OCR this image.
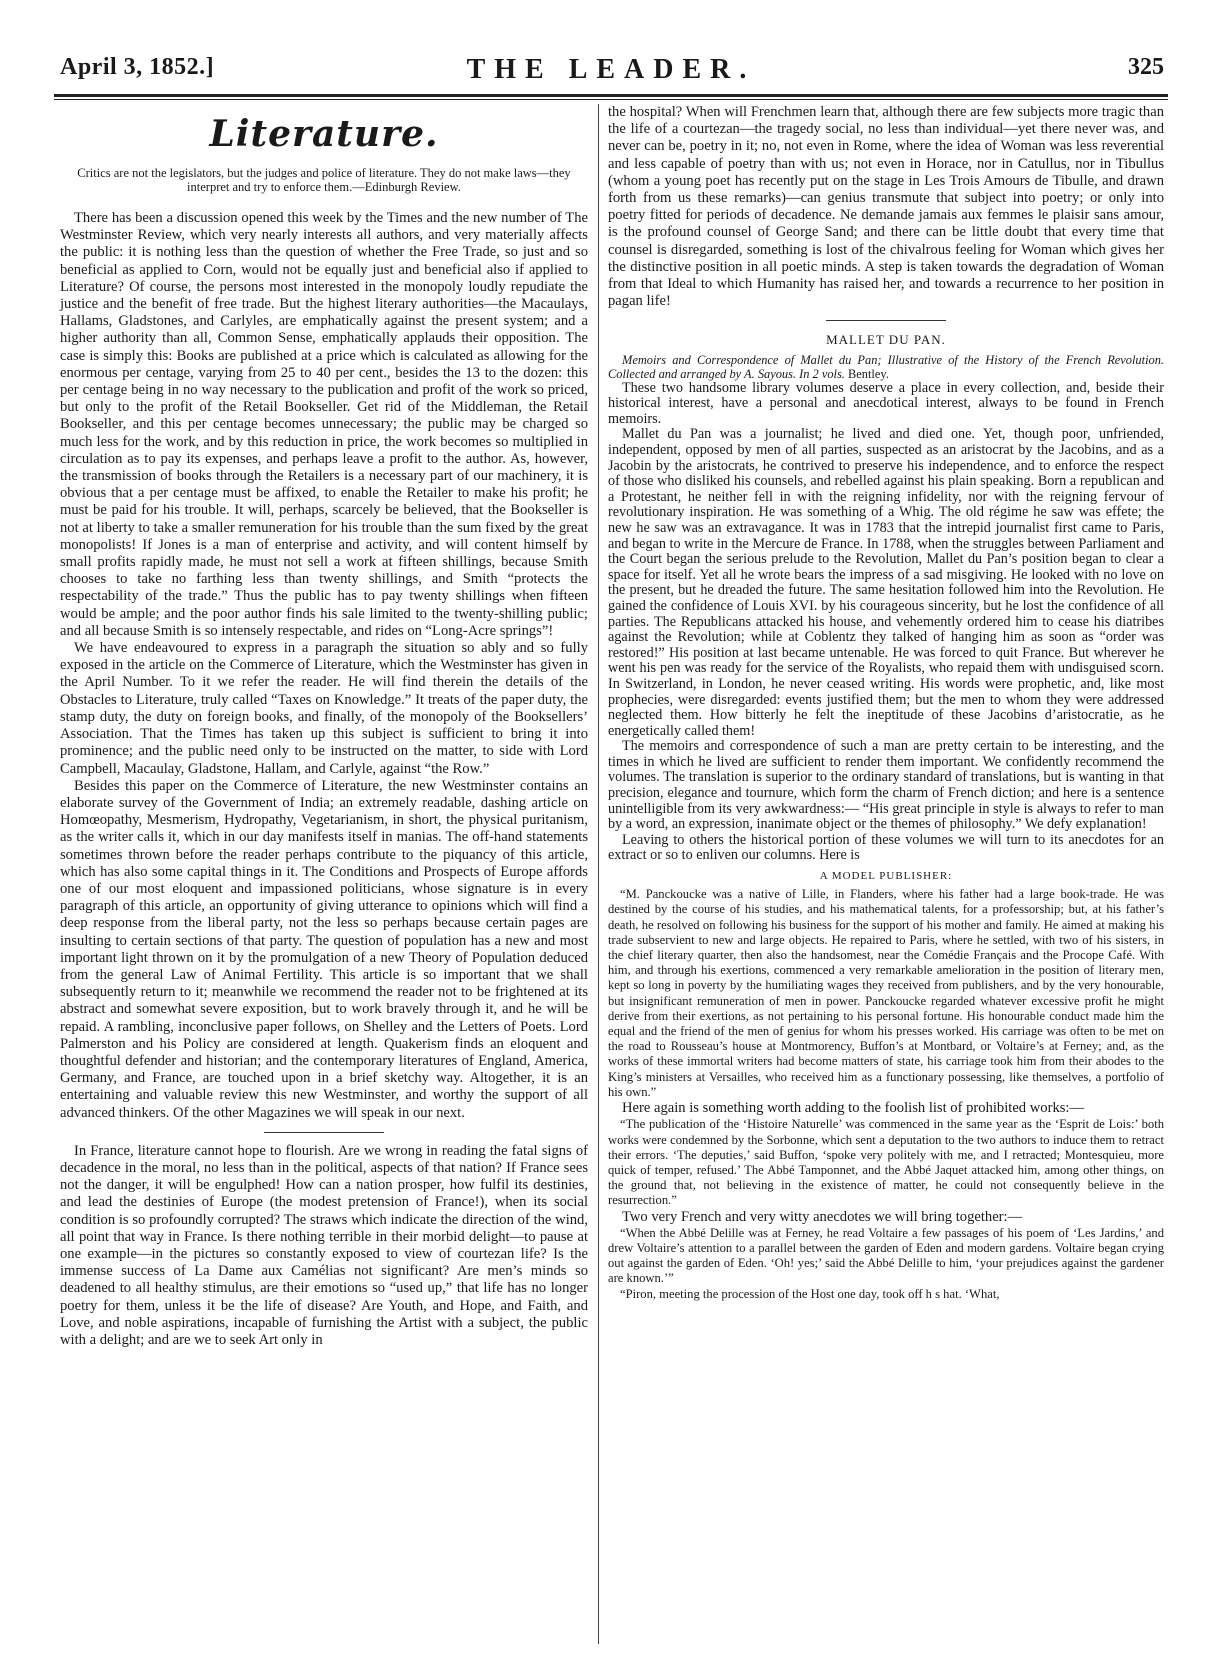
April 3, 1852.]	THE LEADER.	325
Literature.
Critics are not the legislators, but the judges and police of literature. They do not make laws—they interpret and try to enforce them.—Edinburgh Review.

There has been a discussion opened this week by the Times and the new number of The Westminster Review, which very nearly interests all authors, and very materially affects the public: it is nothing less than the question of whether the Free Trade, so just and so beneficial as applied to Corn, would not be equally just and beneficial also if applied to Literature? Of course, the persons most interested in the monopoly loudly repudiate the justice and the benefit of free trade. But the highest literary authorities—the Macaulays, Hallams, Gladstones, and Carlyles, are emphatically against the present system; and a higher authority than all, Common Sense, emphatically applauds their opposition. The case is simply this: Books are published at a price which is calculated as allowing for the enormous per centage, varying from 25 to 40 per cent., besides the 13 to the dozen: this per centage being in no way necessary to the publication and profit of the work so priced, but only to the profit of the Retail Bookseller. Get rid of the Middleman, the Retail Bookseller, and this per centage becomes unnecessary; the public may be charged so much less for the work, and by this reduction in price, the work becomes so multiplied in circulation as to pay its expenses, and perhaps leave a profit to the author. As, however, the transmission of books through the Retailers is a necessary part of our machinery, it is obvious that a per centage must be affixed, to enable the Retailer to make his profit; he must be paid for his trouble. It will, perhaps, scarcely be believed, that the Bookseller is not at liberty to take a smaller remuneration for his trouble than the sum fixed by the great monopolists! If Jones is a man of enterprise and activity, and will content himself by small profits rapidly made, he must not sell a work at fifteen shillings, because Smith chooses to take no farthing less than twenty shillings, and Smith “protects the respectability of the trade.” Thus the public has to pay twenty shillings when fifteen would be ample; and the poor author finds his sale limited to the twenty-shilling public; and all because Smith is so intensely respectable, and rides on “Long-Acre springs”!

We have endeavoured to express in a paragraph the situation so ably and so fully exposed in the article on the Commerce of Literature, which the Westminster has given in the April Number. To it we refer the reader. He will find therein the details of the Obstacles to Literature, truly called “Taxes on Knowledge.” It treats of the paper duty, the stamp duty, the duty on foreign books, and finally, of the monopoly of the Booksellers’ Association. That the Times has taken up this subject is sufficient to bring it into prominence; and the public need only to be instructed on the matter, to side with Lord Campbell, Macaulay, Gladstone, Hallam, and Carlyle, against “the Row.”

Besides this paper on the Commerce of Literature, the new Westminster contains an elaborate survey of the Government of India; an extremely readable, dashing article on Homœopathy, Mesmerism, Hydropathy, Vegetarianism, in short, the physical puritanism, as the writer calls it, which in our day manifests itself in manias. The off-hand statements sometimes thrown before the reader perhaps contribute to the piquancy of this article, which has also some capital things in it. The Conditions and Prospects of Europe affords one of our most eloquent and impassioned politicians, whose signature is in every paragraph of this article, an opportunity of giving utterance to opinions which will find a deep response from the liberal party, not the less so perhaps because certain pages are insulting to certain sections of that party. The question of population has a new and most important light thrown on it by the promulgation of a new Theory of Population deduced from the general Law of Animal Fertility. This article is so important that we shall subsequently return to it; meanwhile we recommend the reader not to be frightened at its abstract and somewhat severe exposition, but to work bravely through it, and he will be repaid. A rambling, inconclusive paper follows, on Shelley and the Letters of Poets. Lord Palmerston and his Policy are considered at length. Quakerism finds an eloquent and thoughtful defender and historian; and the contemporary literatures of England, America, Germany, and France, are touched upon in a brief sketchy way. Altogether, it is an entertaining and valuable review this new Westminster, and worthy the support of all advanced thinkers. Of the other Magazines we will speak in our next.

In France, literature cannot hope to flourish. Are we wrong in reading the fatal signs of decadence in the moral, no less than in the political, aspects of that nation? If France sees not the danger, it will be engulphed! How can a nation prosper, how fulfil its destinies, and lead the destinies of Europe (the modest pretension of France!), when its social condition is so profoundly corrupted? The straws which indicate the direction of the wind, all point that way in France. Is there nothing terrible in their morbid delight—to pause at one example—in the pictures so constantly exposed to view of courtezan life? Is the immense success of La Dame aux Camélias not significant? Are men’s minds so deadened to all healthy stimulus, are their emotions so “used up,” that life has no longer poetry for them, unless it be the life of disease? Are Youth, and Hope, and Faith, and Love, and noble aspirations, incapable of furnishing the Artist with a subject, the public with a delight; and are we to seek Art only in

the hospital? When will Frenchmen learn that, although there are few subjects more tragic than the life of a courtezan—the tragedy social, no less than individual—yet there never was, and never can be, poetry in it; no, not even in Rome, where the idea of Woman was less reverential and less capable of poetry than with us; not even in Horace, nor in Catullus, nor in Tibullus (whom a young poet has recently put on the stage in Les Trois Amours de Tibulle, and drawn forth from us these remarks)—can genius transmute that subject into poetry; or only into poetry fitted for periods of decadence. Ne demande jamais aux femmes le plaisir sans amour, is the profound counsel of George Sand; and there can be little doubt that every time that counsel is disregarded, something is lost of the chivalrous feeling for Woman which gives her the distinctive position in all poetic minds. A step is taken towards the degradation of Woman from that Ideal to which Humanity has raised her, and towards a recurrence to her position in pagan life!

MALLET DU PAN.

Memoirs and Correspondence of Mallet du Pan; Illustrative of the History of the French Revolution. Collected and arranged by A. Sayous. In 2 vols. Bentley.

These two handsome library volumes deserve a place in every collection, and, beside their historical interest, have a personal and anecdotical interest, always to be found in French memoirs.

Mallet du Pan was a journalist; he lived and died one. Yet, though poor, unfriended, independent, opposed by men of all parties, suspected as an aristocrat by the Jacobins, and as a Jacobin by the aristocrats, he contrived to preserve his independence, and to enforce the respect of those who disliked his counsels, and rebelled against his plain speaking. Born a republican and a Protestant, he neither fell in with the reigning infidelity, nor with the reigning fervour of revolutionary inspiration. He was something of a Whig. The old régime he saw was effete; the new he saw was an extravagance. It was in 1783 that the intrepid journalist first came to Paris, and began to write in the Mercure de France. In 1788, when the struggles between Parliament and the Court began the serious prelude to the Revolution, Mallet du Pan’s position began to clear a space for itself. Yet all he wrote bears the impress of a sad misgiving. He looked with no love on the present, but he dreaded the future. The same hesitation followed him into the Revolution. He gained the confidence of Louis XVI. by his courageous sincerity, but he lost the confidence of all parties. The Republicans attacked his house, and vehemently ordered him to cease his diatribes against the Revolution; while at Coblentz they talked of hanging him as soon as “order was restored!” His position at last became untenable. He was forced to quit France. But wherever he went his pen was ready for the service of the Royalists, who repaid them with undisguised scorn. In Switzerland, in London, he never ceased writing. His words were prophetic, and, like most prophecies, were disregarded: events justified them; but the men to whom they were addressed neglected them. How bitterly he felt the ineptitude of these Jacobins d’aristocratie, as he energetically called them!

The memoirs and correspondence of such a man are pretty certain to be interesting, and the times in which he lived are sufficient to render them important. We confidently recommend the volumes. The translation is superior to the ordinary standard of translations, but is wanting in that precision, elegance and tournure, which form the charm of French diction; and here is a sentence unintelligible from its very awkwardness:— “His great principle in style is always to refer to man by a word, an expression, inanimate object or the themes of philosophy.” We defy explanation!

Leaving to others the historical portion of these volumes we will turn to its anecdotes for an extract or so to enliven our columns. Here is

A MODEL PUBLISHER:

“M. Panckoucke was a native of Lille, in Flanders, where his father had a large book-trade. He was destined by the course of his studies, and his mathematical talents, for a professorship; but, at his father’s death, he resolved on following his business for the support of his mother and family. He aimed at making his trade subservient to new and large objects. He repaired to Paris, where he settled, with two of his sisters, in the chief literary quarter, then also the handsomest, near the Comédie Français and the Procope Café. With him, and through his exertions, commenced a very remarkable amelioration in the position of literary men, kept so long in poverty by the humiliating wages they received from publishers, and by the very honourable, but insignificant remuneration of men in power. Panckoucke regarded whatever excessive profit he might derive from their exertions, as not pertaining to his personal fortune. His honourable conduct made him the equal and the friend of the men of genius for whom his presses worked. His carriage was often to be met on the road to Rousseau’s house at Montmorency, Buffon’s at Montbard, or Voltaire’s at Ferney; and, as the works of these immortal writers had become matters of state, his carriage took him from their abodes to the King’s ministers at Versailles, who received him as a functionary possessing, like themselves, a portfolio of his own.”

Here again is something worth adding to the foolish list of prohibited works:—

“The publication of the ‘Histoire Naturelle’ was commenced in the same year as the ‘Esprit de Lois:’ both works were condemned by the Sorbonne, which sent a deputation to the two authors to induce them to retract their errors. ‘The deputies,’ said Buffon, ‘spoke very politely with me, and I retracted; Montesquieu, more quick of temper, refused.’ The Abbé Tamponnet, and the Abbé Jaquet attacked him, among other things, on the ground that, not believing in the existence of matter, he could not consequently believe in the resurrection.”

Two very French and very witty anecdotes we will bring together:—

“When the Abbé Delille was at Ferney, he read Voltaire a few passages of his poem of ‘Les Jardins,’ and drew Voltaire’s attention to a parallel between the garden of Eden and modern gardens. Voltaire began crying out against the garden of Eden. ‘Oh! yes;’ said the Abbé Delille to him, ‘your prejudices against the gardener are known.’”

“Piron, meeting the procession of the Host one day, took off h s hat. ‘What,
